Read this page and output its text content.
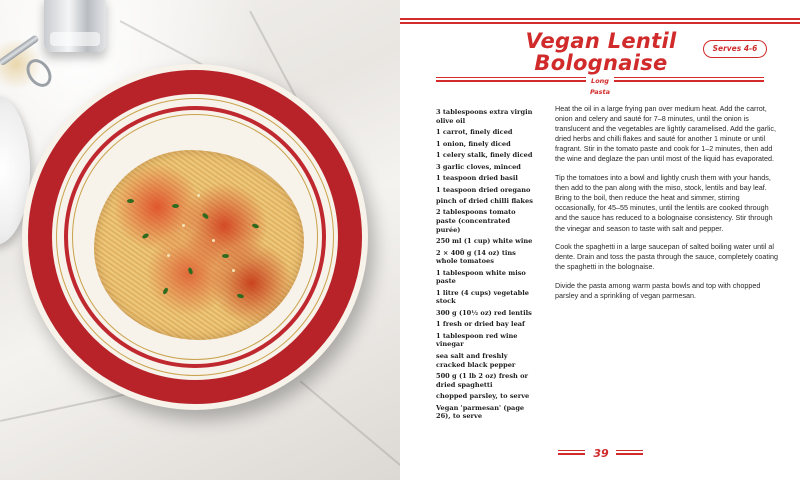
Vegan Lentil Bolognaise
Serves 4-6
Long Pasta
3 tablespoons extra virgin olive oil
1 carrot, finely diced
1 onion, finely diced
1 celery stalk, finely diced
3 garlic cloves, minced
1 teaspoon dried basil
1 teaspoon dried oregano
pinch of dried chilli flakes
2 tablespoons tomato paste (concentrated purée)
250 ml (1 cup) white wine
2 × 400 g (14 oz) tins whole tomatoes
1 tablespoon white miso paste
1 litre (4 cups) vegetable stock
300 g (10½ oz) red lentils
1 fresh or dried bay leaf
1 tablespoon red wine vinegar
sea salt and freshly cracked black pepper
500 g (1 lb 2 oz) fresh or dried spaghetti
chopped parsley, to serve
Vegan 'parmesan' (page 26), to serve

Heat the oil in a large frying pan over medium heat. Add the carrot, onion and celery and sauté for 7–8 minutes, until the onion is translucent and the vegetables are lightly caramelised. Add the garlic, dried herbs and chilli flakes and sauté for another 1 minute or until fragrant. Stir in the tomato paste and cook for 1–2 minutes, then add the wine and deglaze the pan until most of the liquid has evaporated.

Tip the tomatoes into a bowl and lightly crush them with your hands, then add to the pan along with the miso, stock, lentils and bay leaf. Bring to the boil, then reduce the heat and simmer, stirring occasionally, for 45–55 minutes, until the lentils are cooked through and the sauce has reduced to a bolognaise consistency. Stir through the vinegar and season to taste with salt and pepper.

Cook the spaghetti in a large saucepan of salted boiling water until al dente. Drain and toss the pasta through the sauce, completely coating the spaghetti in the bolognaise.

Divide the pasta among warm pasta bowls and top with chopped parsley and a sprinkling of vegan parmesan.

39
